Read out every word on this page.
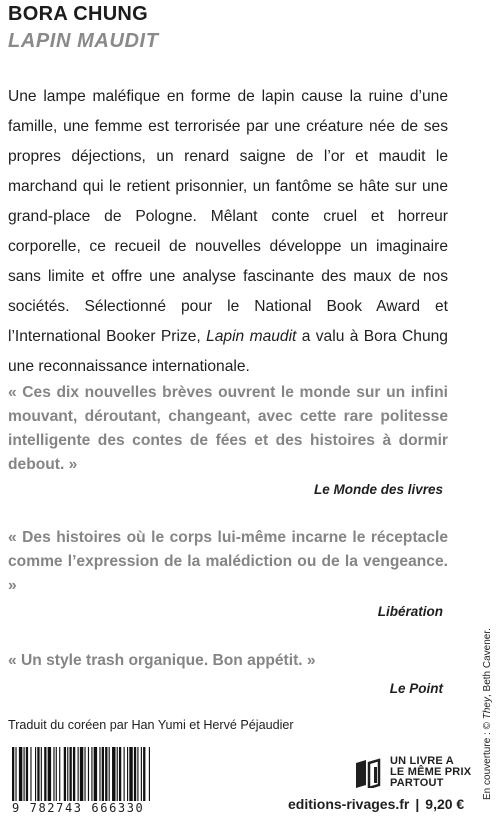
BORA CHUNG
LAPIN MAUDIT

Une lampe maléfique en forme de lapin cause la ruine d’une famille, une femme est terrorisée par une créature née de ses propres déjections, un renard saigne de l’or et maudit le marchand qui le retient prisonnier, un fantôme se hâte sur une grand-place de Pologne. Mêlant conte cruel et horreur corporelle, ce recueil de nouvelles développe un imaginaire sans limite et offre une analyse fascinante des maux de nos sociétés. Sélectionné pour le National Book Award et l’International Booker Prize, Lapin maudit a valu à Bora Chung une reconnaissance internationale.

« Ces dix nouvelles brèves ouvrent le monde sur un infini mouvant, déroutant, changeant, avec cette rare politesse intelligente des contes de fées et des histoires à dormir debout. »

Le Monde des livres

« Des histoires où le corps lui-même incarne le réceptacle comme l’expression de la malédiction ou de la vengeance. »

Libération

« Un style trash organique. Bon appétit. »

Le Point

Traduit du coréen par Han Yumi et Hervé Péjaudier
9 782743 666330
UN LIVRE A
LE MÊME PRIX
PARTOUT
editions-rivages.fr | 9,20 €
En couverture : © They, Beth Cavener.
